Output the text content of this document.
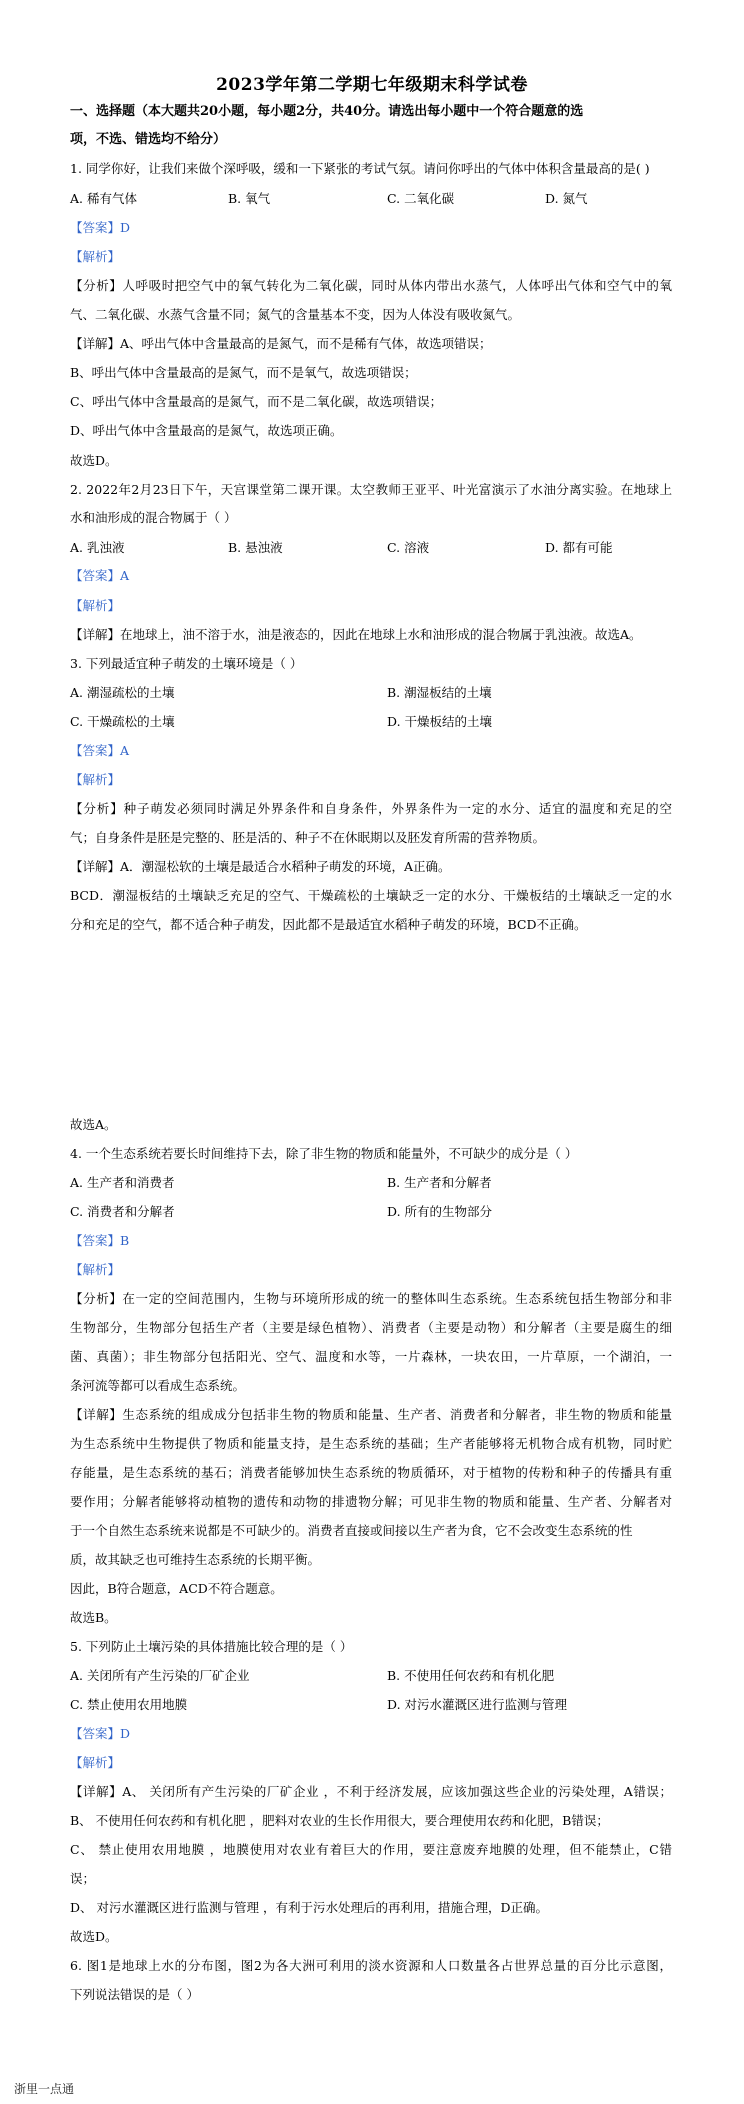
2023学年第二学期七年级期末科学试卷
一、选择题（本大题共20小题，每小题2分，共40分。请选出每小题中一个符合题意的选
项，不选、错选均不给分）
1. 同学你好，让我们来做个深呼吸，缓和一下紧张的考试气氛。请问你呼出的气体中体积含量最高的是( )
A. 稀有气体	B. 氧气	C. 二氧化碳	D. 氮气
【答案】D
【解析】
【分析】人呼吸时把空气中的氧气转化为二氧化碳，同时从体内带出水蒸气，人体呼出气体和空气中的氧
气、二氧化碳、水蒸气含量不同；氮气的含量基本不变，因为人体没有吸收氮气。
【详解】A、呼出气体中含量最高的是氮气，而不是稀有气体，故选项错误；
B、呼出气体中含量最高的是氮气，而不是氧气，故选项错误；
C、呼出气体中含量最高的是氮气，而不是二氧化碳，故选项错误；
D、呼出气体中含量最高的是氮气，故选项正确。
故选D。
2. 2022年2月23日下午，天宫课堂第二课开课。太空教师王亚平、叶光富演示了水油分离实验。在地球上
水和油形成的混合物属于（ ）
A. 乳浊液	B. 悬浊液	C. 溶液	D. 都有可能
【答案】A
【解析】
【详解】在地球上，油不溶于水，油是液态的，因此在地球上水和油形成的混合物属于乳浊液。故选A。
3. 下列最适宜种子萌发的土壤环境是（ ）
A. 潮湿疏松的土壤	B. 潮湿板结的土壤
C. 干燥疏松的土壤	D. 干燥板结的土壤
【答案】A
【解析】
【分析】种子萌发必须同时满足外界条件和自身条件，外界条件为一定的水分、适宜的温度和充足的空
气；自身条件是胚是完整的、胚是活的、种子不在休眠期以及胚发育所需的营养物质。
【详解】A．潮湿松软的土壤是最适合水稻种子萌发的环境，A正确。
BCD．潮湿板结的土壤缺乏充足的空气、干燥疏松的土壤缺乏一定的水分、干燥板结的土壤缺乏一定的水
分和充足的空气，都不适合种子萌发，因此都不是最适宜水稻种子萌发的环境，BCD不正确。
故选A。
4. 一个生态系统若要长时间维持下去，除了非生物的物质和能量外，不可缺少的成分是（ ）
A. 生产者和消费者	B. 生产者和分解者
C. 消费者和分解者	D. 所有的生物部分
【答案】B
【解析】
【分析】在一定的空间范围内，生物与环境所形成的统一的整体叫生态系统。生态系统包括生物部分和非
生物部分，生物部分包括生产者（主要是绿色植物）、消费者（主要是动物）和分解者（主要是腐生的细
菌、真菌）；非生物部分包括阳光、空气、温度和水等，一片森林，一块农田，一片草原，一个湖泊，一
条河流等都可以看成生态系统。
【详解】生态系统的组成成分包括非生物的物质和能量、生产者、消费者和分解者，非生物的物质和能量
为生态系统中生物提供了物质和能量支持，是生态系统的基础；生产者能够将无机物合成有机物，同时贮
存能量，是生态系统的基石；消费者能够加快生态系统的物质循环，对于植物的传粉和种子的传播具有重
要作用；分解者能够将动植物的遗传和动物的排遗物分解；可见非生物的物质和能量、生产者、分解者对
于一个自然生态系统来说都是不可缺少的。消费者直接或间接以生产者为食，它不会改变生态系统的性
质，故其缺乏也可维持生态系统的长期平衡。
因此，B符合题意，ACD不符合题意。
故选B。
5. 下列防止土壤污染的具体措施比较合理的是（ ）
A. 关闭所有产生污染的厂矿企业	B. 不使用任何农药和有机化肥
C. 禁止使用农用地膜	D. 对污水灌溉区进行监测与管理
【答案】D
【解析】
【详解】A、 关闭所有产生污染的厂矿企业 ，不利于经济发展，应该加强这些企业的污染处理，A错误；
B、 不使用任何农药和有机化肥 ，肥料对农业的生长作用很大，要合理使用农药和化肥，B错误；
C、 禁止使用农用地膜 ，地膜使用对农业有着巨大的作用，要注意废弃地膜的处理，但不能禁止，C错
误；
D、 对污水灌溉区进行监测与管理 ，有利于污水处理后的再利用，措施合理，D正确。
故选D。
6. 图1是地球上水的分布图，图2为各大洲可利用的淡水资源和人口数量各占世界总量的百分比示意图，
下列说法错误的是（ ）
浙里一点通
